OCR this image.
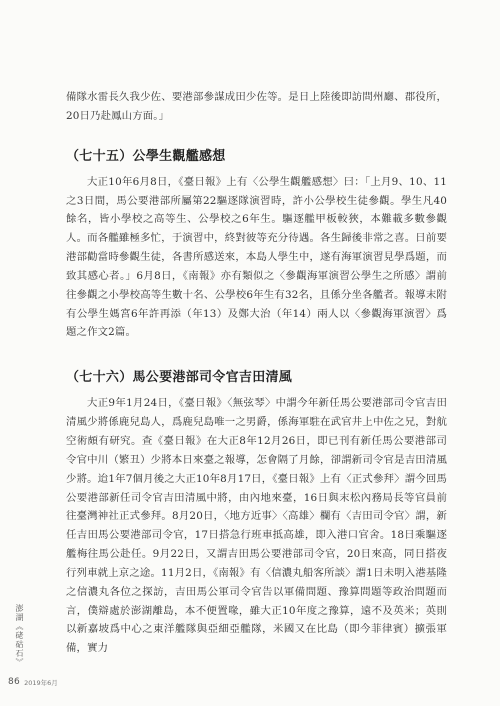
備隊水雷長久我少佐、要港部參謀成田少佐等。是日上陸後即訪問州廳、郡役所，20日乃赴鳳山方面。」

（七十五）公學生觀艦感想

大正10年6月8日，《臺日報》上有〈公學生觀艦感想〉曰：「上月9、10、11之3日間，馬公要港部所屬第22驅逐隊演習時，許小公學校生徒參觀。學生凡40餘名，皆小學校之高等生、公學校之6年生。驅逐艦甲板較狹，本難載多數參觀人。而各艦雖極多忙，于演習中，終對彼等充分待遇。各生歸後非常之喜。日前要港部勸當時參觀生徒，各書所感送來，本島人學生中，遂有海軍演習見學爲題，而致其感心者。」6月8日，《南報》亦有類似之〈參觀海軍演習公學生之所感〉謂前往參觀之小學校高等生數十名、公學校6年生有32名，且係分坐各艦者。報導末附有公學生媽宮6年許再添（年13）及鄭大治（年14）兩人以〈參觀海軍演習〉爲題之作文2篇。

（七十六）馬公要港部司令官吉田清風

大正9年1月24日，《臺日報》〈無弦琴〉中謂今年新任馬公要港部司令官吉田清風少將係鹿兒島人，爲鹿兒島唯一之男爵，係海軍駐在武官井上中佐之兄，對航空術頗有研究。查《臺日報》在大正8年12月26日，即已刊有新任馬公要港部司令官中川（繁丑）少將本日來臺之報導，怎會隔了月餘，卻謂新司令官是吉田清風少將。迨1年7個月後之大正10年8月17日，《臺日報》上有〈正式參拜〉謂今回馬公要港部新任司令官吉田清風中將，由內地來臺，16日與末松內務局長等官員前往臺灣神社正式參拜。8月20日，〈地方近事〉〈高雄〉欄有〈吉田司令官〉謂，新任吉田馬公要港部司令官，17日搭急行班車抵高雄，即入港口官舍。18日乘驅逐艦梅往馬公赴任。9月22日，又謂吉田馬公要港部司令官，20日來高，同日搭夜行列車就上京之途。11月2日，《南報》有〈信濃丸船客所談〉謂1日未明入港基隆之信濃丸各位之探訪，吉田馬公軍司令官告以軍備問題、豫算問題等政治問題而言，僕辯處於澎湖離島，本不便置喙，雖大正10年度之豫算，遠不及英米；英則以新嘉坡爲中心之東洋艦隊與亞細亞艦隊，米國又在比島（即今菲律賓）擴張軍備，實力

澎湖《硓𥑮石》
86 2019年6月
